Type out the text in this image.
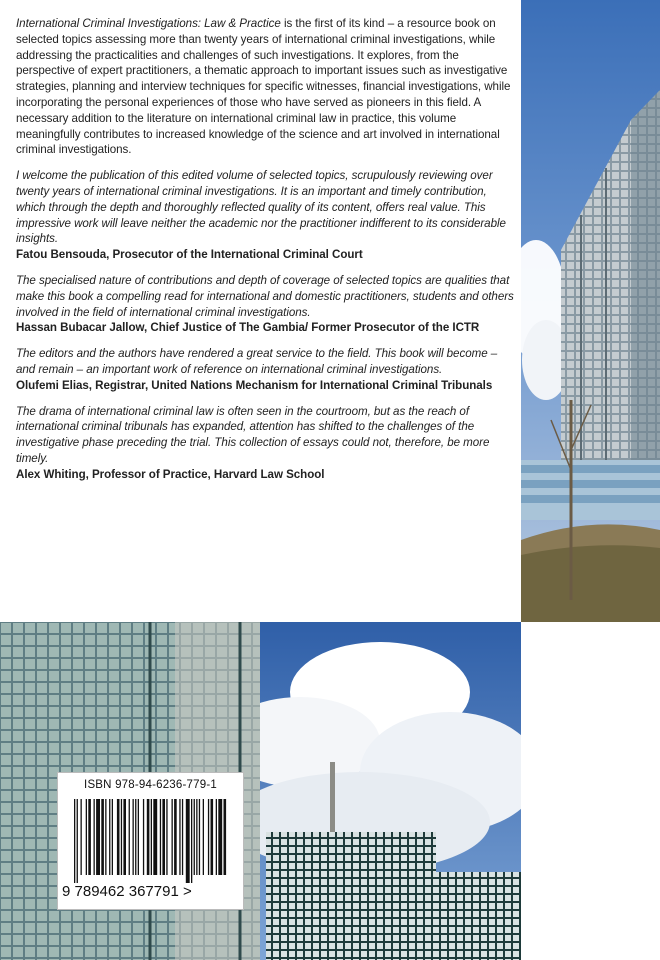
International Criminal Investigations: Law & Practice is the first of its kind – a resource book on selected topics assessing more than twenty years of international criminal investigations, while addressing the practicalities and challenges of such investigations. It explores, from the perspective of expert practitioners, a thematic approach to important issues such as investigative strategies, planning and interview techniques for specific witnesses, financial investigations, while incorporating the personal experiences of those who have served as pioneers in this field. A necessary addition to the literature on international criminal law in practice, this volume meaningfully contributes to increased knowledge of the science and art involved in international criminal investigations.

I welcome the publication of this edited volume of selected topics, scrupulously reviewing over twenty years of international criminal investigations. It is an important and timely contribution, which through the depth and thoroughly reflected quality of its content, offers real value. This impressive work will leave neither the academic nor the practitioner indifferent to its considerable insights.
Fatou Bensouda, Prosecutor of the International Criminal Court

The specialised nature of contributions and depth of coverage of selected topics are qualities that make this book a compelling read for international and domestic practitioners, students and others involved in the field of international criminal investigations.
Hassan Bubacar Jallow, Chief Justice of The Gambia/ Former Prosecutor of the ICTR

The editors and the authors have rendered a great service to the field. This book will become – and remain – an important work of reference on international criminal investigations.
Olufemi Elias, Registrar, United Nations Mechanism for International Criminal Tribunals

The drama of international criminal law is often seen in the courtroom, but as the reach of international criminal tribunals has expanded, attention has shifted to the challenges of the investigative phase preceding the trial. This collection of essays could not, therefore, be more timely.
Alex Whiting, Professor of Practice, Harvard Law School

ISBN 978-94-6236-779-1
9 789462 367791 >
